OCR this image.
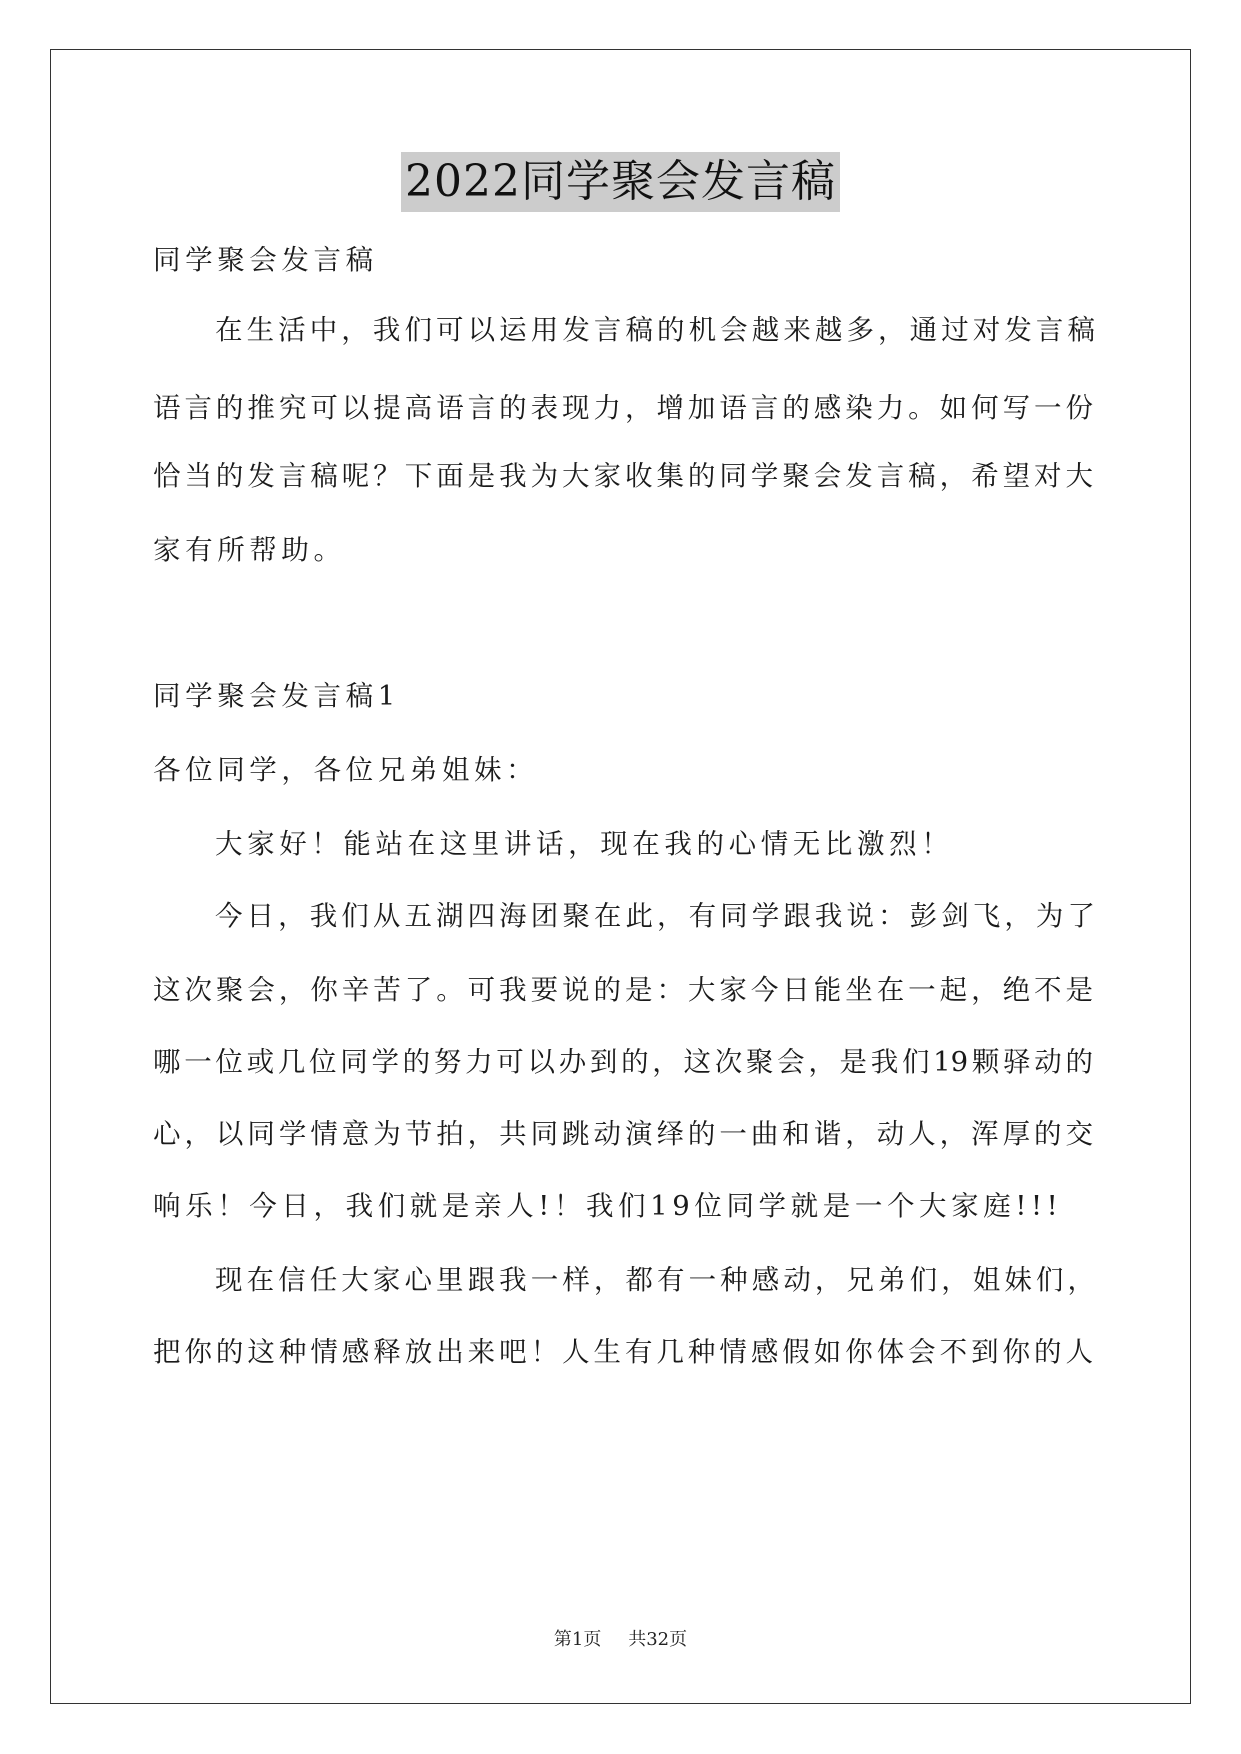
2022同学聚会发言稿
同学聚会发言稿
在生活中，我们可以运用发言稿的机会越来越多，通过对发言稿
语言的推究可以提高语言的表现力，增加语言的感染力。如何写一份
恰当的发言稿呢？下面是我为大家收集的同学聚会发言稿，希望对大
家有所帮助。
同学聚会发言稿1
各位同学，各位兄弟姐妹：
大家好！能站在这里讲话，现在我的心情无比激烈！
今日，我们从五湖四海团聚在此，有同学跟我说：彭剑飞，为了
这次聚会，你辛苦了。可我要说的是：大家今日能坐在一起，绝不是
哪一位或几位同学的努力可以办到的，这次聚会，是我们19颗驿动的
心，以同学情意为节拍，共同跳动演绎的一曲和谐，动人，浑厚的交
响乐！今日，我们就是亲人!！我们19位同学就是一个大家庭!!!
现在信任大家心里跟我一样，都有一种感动，兄弟们，姐妹们，
把你的这种情感释放出来吧！人生有几种情感假如你体会不到你的人
第1页 共32页
